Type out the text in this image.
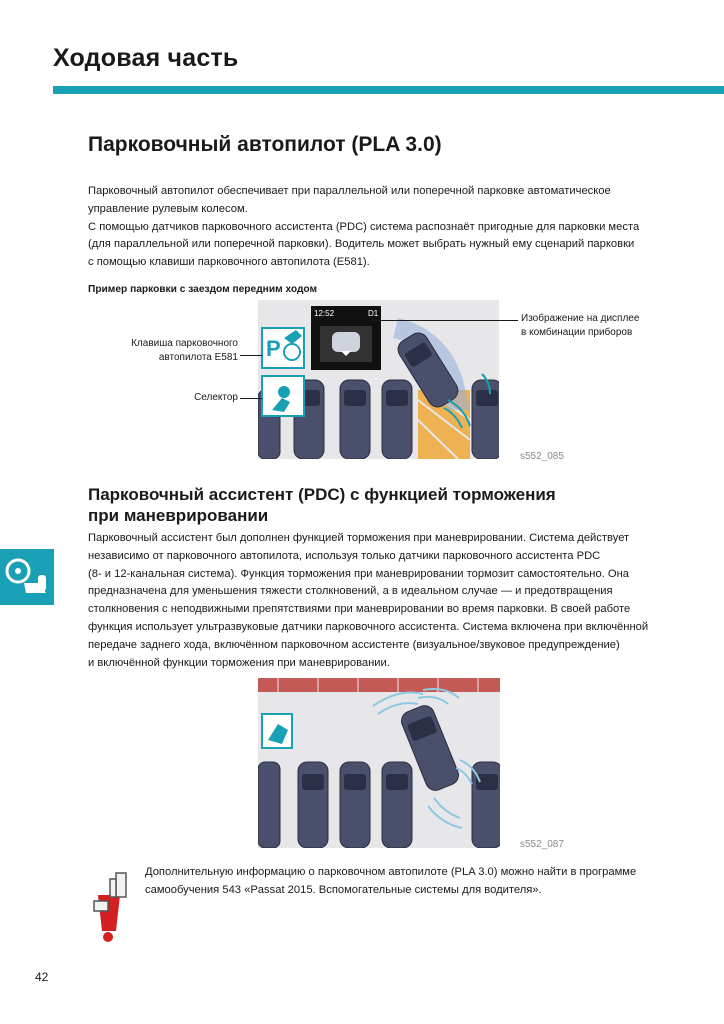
Ходовая часть
Парковочный автопилот (PLA 3.0)
Парковочный автопилот обеспечивает при параллельной или поперечной парковке автоматическое
управление рулевым колесом.
С помощью датчиков парковочного ассистента (PDC) система распознаёт пригодные для парковки места
(для параллельной или поперечной парковки). Водитель может выбрать нужный ему сценарий парковки
с помощью клавиши парковочного автопилота (E581).
Пример парковки с заездом передним ходом
12:52	D1
P
Изображение на дисплее
в комбинации приборов
Клавиша парковочного
автопилота E581
Селектор
s552_085
Парковочный ассистент (PDC) с функцией торможения
при маневрировании
Парковочный ассистент был дополнен функцией торможения при маневрировании. Система действует
независимо от парковочного автопилота, используя только датчики парковочного ассистента PDC
(8- и 12-канальная система). Функция торможения при маневрировании тормозит самостоятельно. Она
предназначена для уменьшения тяжести столкновений, а в идеальном случае — и предотвращения
столкновения с неподвижными препятствиями при маневрировании во время парковки. В своей работе
функция использует ультразвуковые датчики парковочного ассистента. Система включена при включённой
передаче заднего хода, включённом парковочном ассистенте (визуальное/звуковое предупреждение)
и включённой функции торможения при маневрировании.
s552_087
Дополнительную информацию о парковочном автопилоте (PLA 3.0) можно найти в программе
самообучения 543 «Passat 2015. Вспомогательные системы для водителя».
42
